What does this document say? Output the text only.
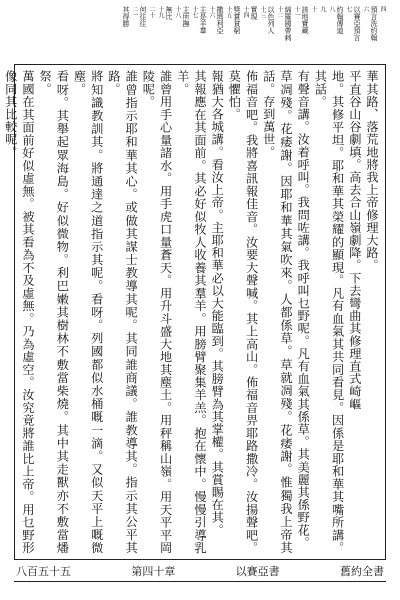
四
預言洗約翰
六
以賽亞預言
七
約翰傳道
八
九
十
該地寶藏
十一
綿羅國帶刺
十二
以色列人
十三
實現
十四
獎賞貧窮
十五
撒瑪利亞
十六
主是羊羣
十七
主所撫
十八
無比
十九
二十
何往往
二一
其得勝

華其路、落荒地將我上帝修理大路。

平直谷山谷劇填。高去合山嶺劇降。下去彎曲其修理直式崎嶇

地。其修平坦。耶和華其榮耀的顯現。凡有血氣其共同看見。因係是耶和華其嘴所講。其話。

有聲音講。汝着呼叫。我問咗講。我呼叫乜野呢。凡有血氣其係草。其美麗其係野花。

草凋殘。花痿謝。因耶和華其氣吹來。人都係草。草就凋殘。花痿謝。惟獨我上帝其話。存到萬世。

佈福音吧。我將喜訊報佳音。汝要大聲喊。其上高山。佈福音畀耶路撒冷。汝揚聲吧。莫懼怕。

報猶大各城講。看汝上帝。主耶和華必以大能臨到。其膀臂為其掌權。其賞賜在其。

其報應在其面前。其必好似牧人收養其羣羊。用膀臂聚集羊羔。抱在懷中。慢慢引導乳羊。

誰曾用手心量諸水。用手虎口量蒼天。用升斗盛大地其塵土。用秤稱山嶺。用天平平岡陵呢。

誰曾指示耶和華其心。或做其謀士教導其呢。其同誰商議。誰教導其。指示其公平其路。

將知識教訓其。將通達之道指示其呢。看呀。列國都似水桶嘅一滴。又似天平上嘅微塵。

看呀。其舉起眾海島。好似微物。利巴嫩其樹林不敷當柴燒。其中其走獸亦不敷當燔祭。

萬國在其面前好似虛無。被其看為不及虛無。乃為虛空。汝究竟將誰比上帝。用乜野形像同其比較呢。

舊約全書
以賽亞書
第四十章
八百五十五
